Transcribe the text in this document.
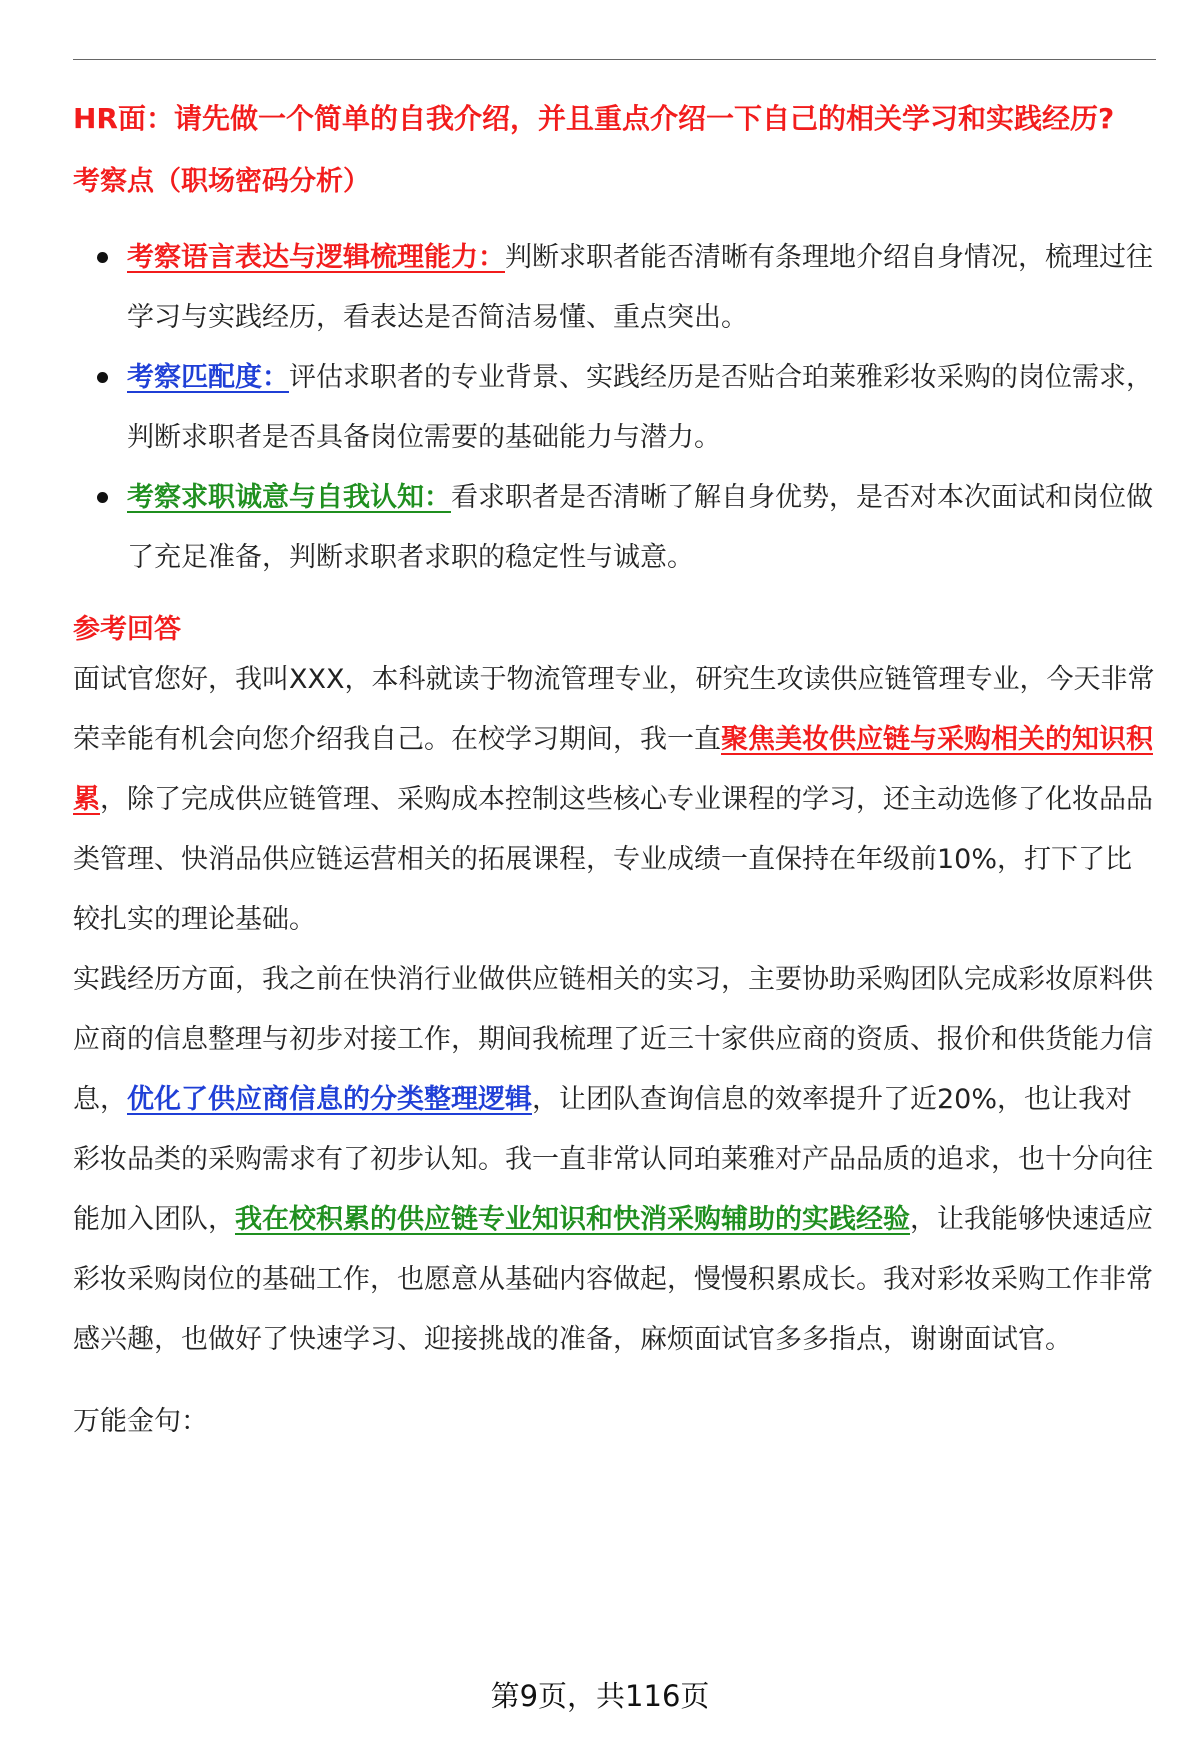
HR面：请先做一个简单的自我介绍，并且重点介绍一下自己的相关学习和实践经历?

考察点（职场密码分析）

考察语言表达与逻辑梳理能力：判断求职者能否清晰有条理地介绍自身情况，梳理过往学习与实践经历，看表达是否简洁易懂、重点突出。
考察匹配度：评估求职者的专业背景、实践经历是否贴合珀莱雅彩妆采购的岗位需求，判断求职者是否具备岗位需要的基础能力与潜力。
考察求职诚意与自我认知：看求职者是否清晰了解自身优势，是否对本次面试和岗位做了充足准备，判断求职者求职的稳定性与诚意。

参考回答

面试官您好，我叫XXX，本科就读于物流管理专业，研究生攻读供应链管理专业，今天非常荣幸能有机会向您介绍我自己。在校学习期间，我一直聚焦美妆供应链与采购相关的知识积累，除了完成供应链管理、采购成本控制这些核心专业课程的学习，还主动选修了化妆品品类管理、快消品供应链运营相关的拓展课程，专业成绩一直保持在年级前10%，打下了比较扎实的理论基础。

实践经历方面，我之前在快消行业做供应链相关的实习，主要协助采购团队完成彩妆原料供应商的信息整理与初步对接工作，期间我梳理了近三十家供应商的资质、报价和供货能力信息，优化了供应商信息的分类整理逻辑，让团队查询信息的效率提升了近20%，也让我对彩妆品类的采购需求有了初步认知。我一直非常认同珀莱雅对产品品质的追求，也十分向往能加入团队，我在校积累的供应链专业知识和快消采购辅助的实践经验，让我能够快速适应彩妆采购岗位的基础工作，也愿意从基础内容做起，慢慢积累成长。我对彩妆采购工作非常感兴趣，也做好了快速学习、迎接挑战的准备，麻烦面试官多多指点，谢谢面试官。

万能金句：
第9页，共116页
